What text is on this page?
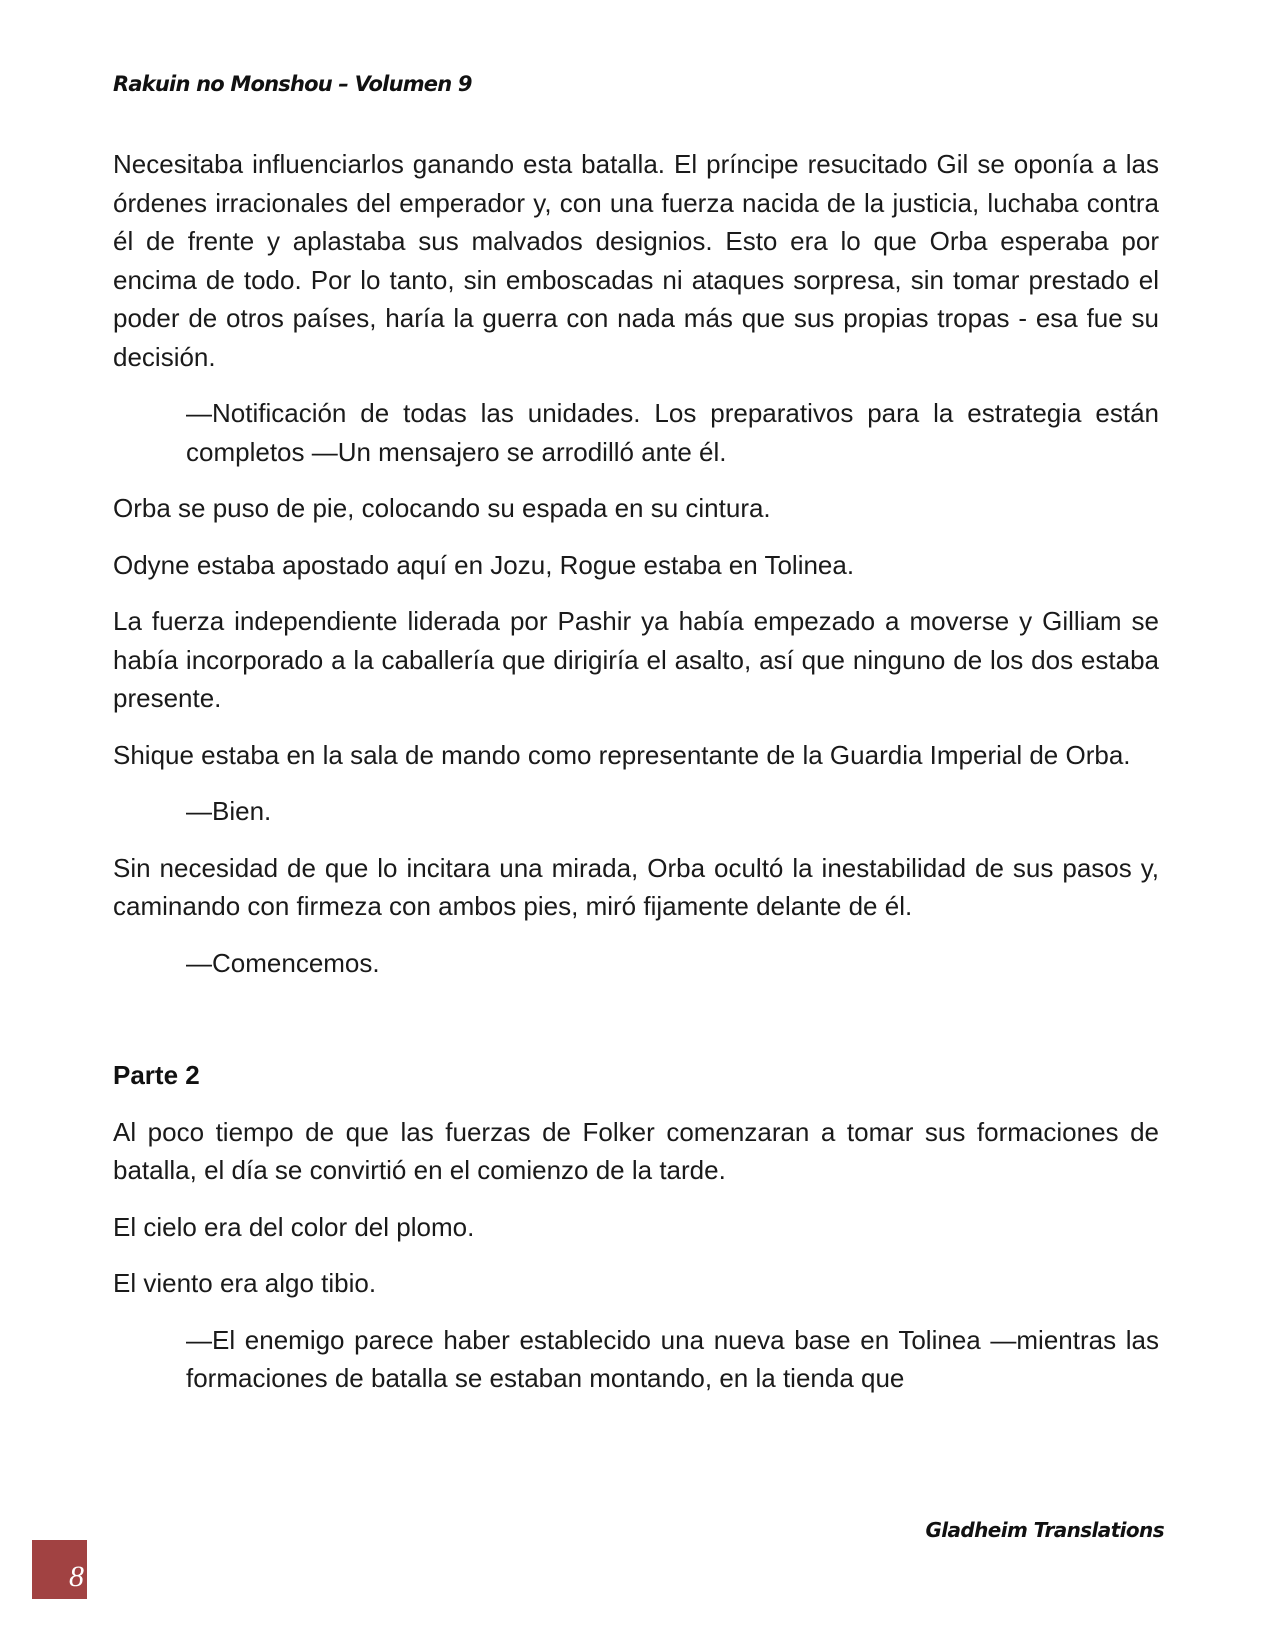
Rakuin no Monshou – Volumen 9

Necesitaba influenciarlos ganando esta batalla. El príncipe resucitado Gil se oponía a las órdenes irracionales del emperador y, con una fuerza nacida de la justicia, luchaba contra él de frente y aplastaba sus malvados designios. Esto era lo que Orba esperaba por encima de todo. Por lo tanto, sin emboscadas ni ataques sorpresa, sin tomar prestado el poder de otros países, haría la guerra con nada más que sus propias tropas - esa fue su decisión.

—Notificación de todas las unidades. Los preparativos para la estrategia están completos —Un mensajero se arrodilló ante él.

Orba se puso de pie, colocando su espada en su cintura.

Odyne estaba apostado aquí en Jozu, Rogue estaba en Tolinea.

La fuerza independiente liderada por Pashir ya había empezado a moverse y Gilliam se había incorporado a la caballería que dirigiría el asalto, así que ninguno de los dos estaba presente.

Shique estaba en la sala de mando como representante de la Guardia Imperial de Orba.

—Bien.

Sin necesidad de que lo incitara una mirada, Orba ocultó la inestabilidad de sus pasos y, caminando con firmeza con ambos pies, miró fijamente delante de él.

—Comencemos.

Parte 2

Al poco tiempo de que las fuerzas de Folker comenzaran a tomar sus formaciones de batalla, el día se convirtió en el comienzo de la tarde.

El cielo era del color del plomo.

El viento era algo tibio.

—El enemigo parece haber establecido una nueva base en Tolinea —mientras las formaciones de batalla se estaban montando, en la tienda que

Gladheim Translations
8
